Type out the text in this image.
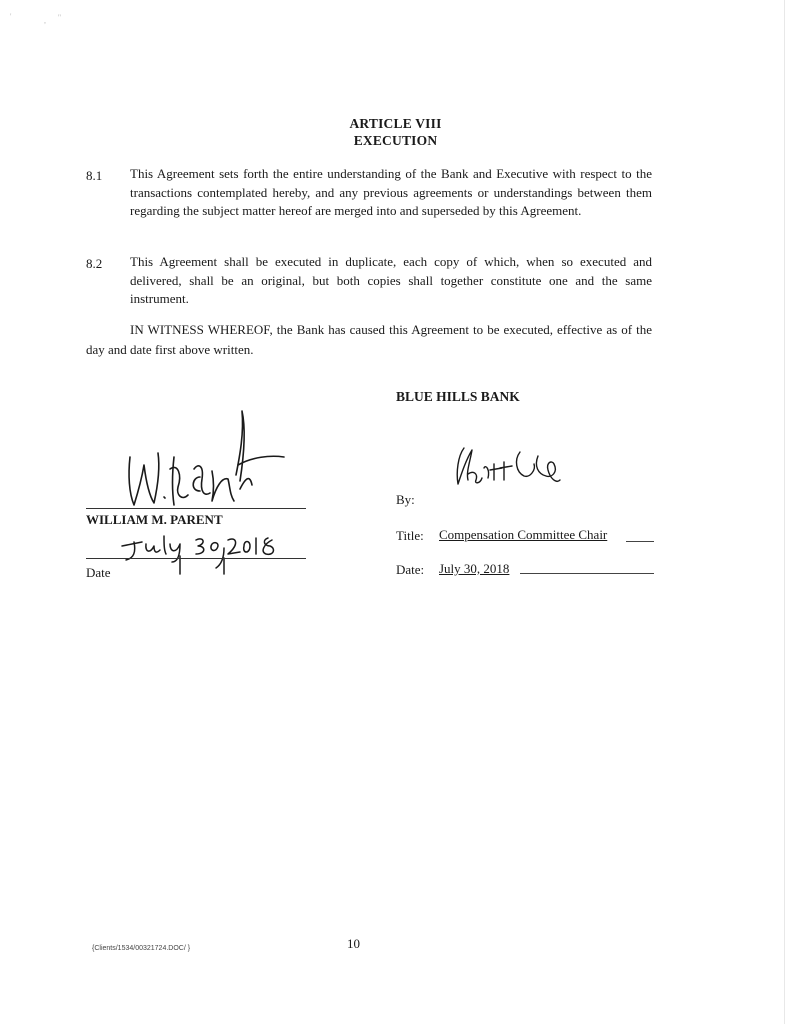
'	, ''
ARTICLE VIII
EXECUTION
8.1 This Agreement sets forth the entire understanding of the Bank and Executive with respect to the transactions contemplated hereby, and any previous agreements or understandings between them regarding the subject matter hereof are merged into and superseded by this Agreement.
8.2 This Agreement shall be executed in duplicate, each copy of which, when so executed and delivered, shall be an original, but both copies shall together constitute one and the same instrument.
IN WITNESS WHEREOF, the Bank has caused this Agreement to be executed, effective as of the day and date first above written.
BLUE HILLS BANK
WILLIAM M. PARENT
Date
By:
Title: Compensation Committee Chair
Date: July 30, 2018
{Clients/1534/00321724.DOC/ }	10
